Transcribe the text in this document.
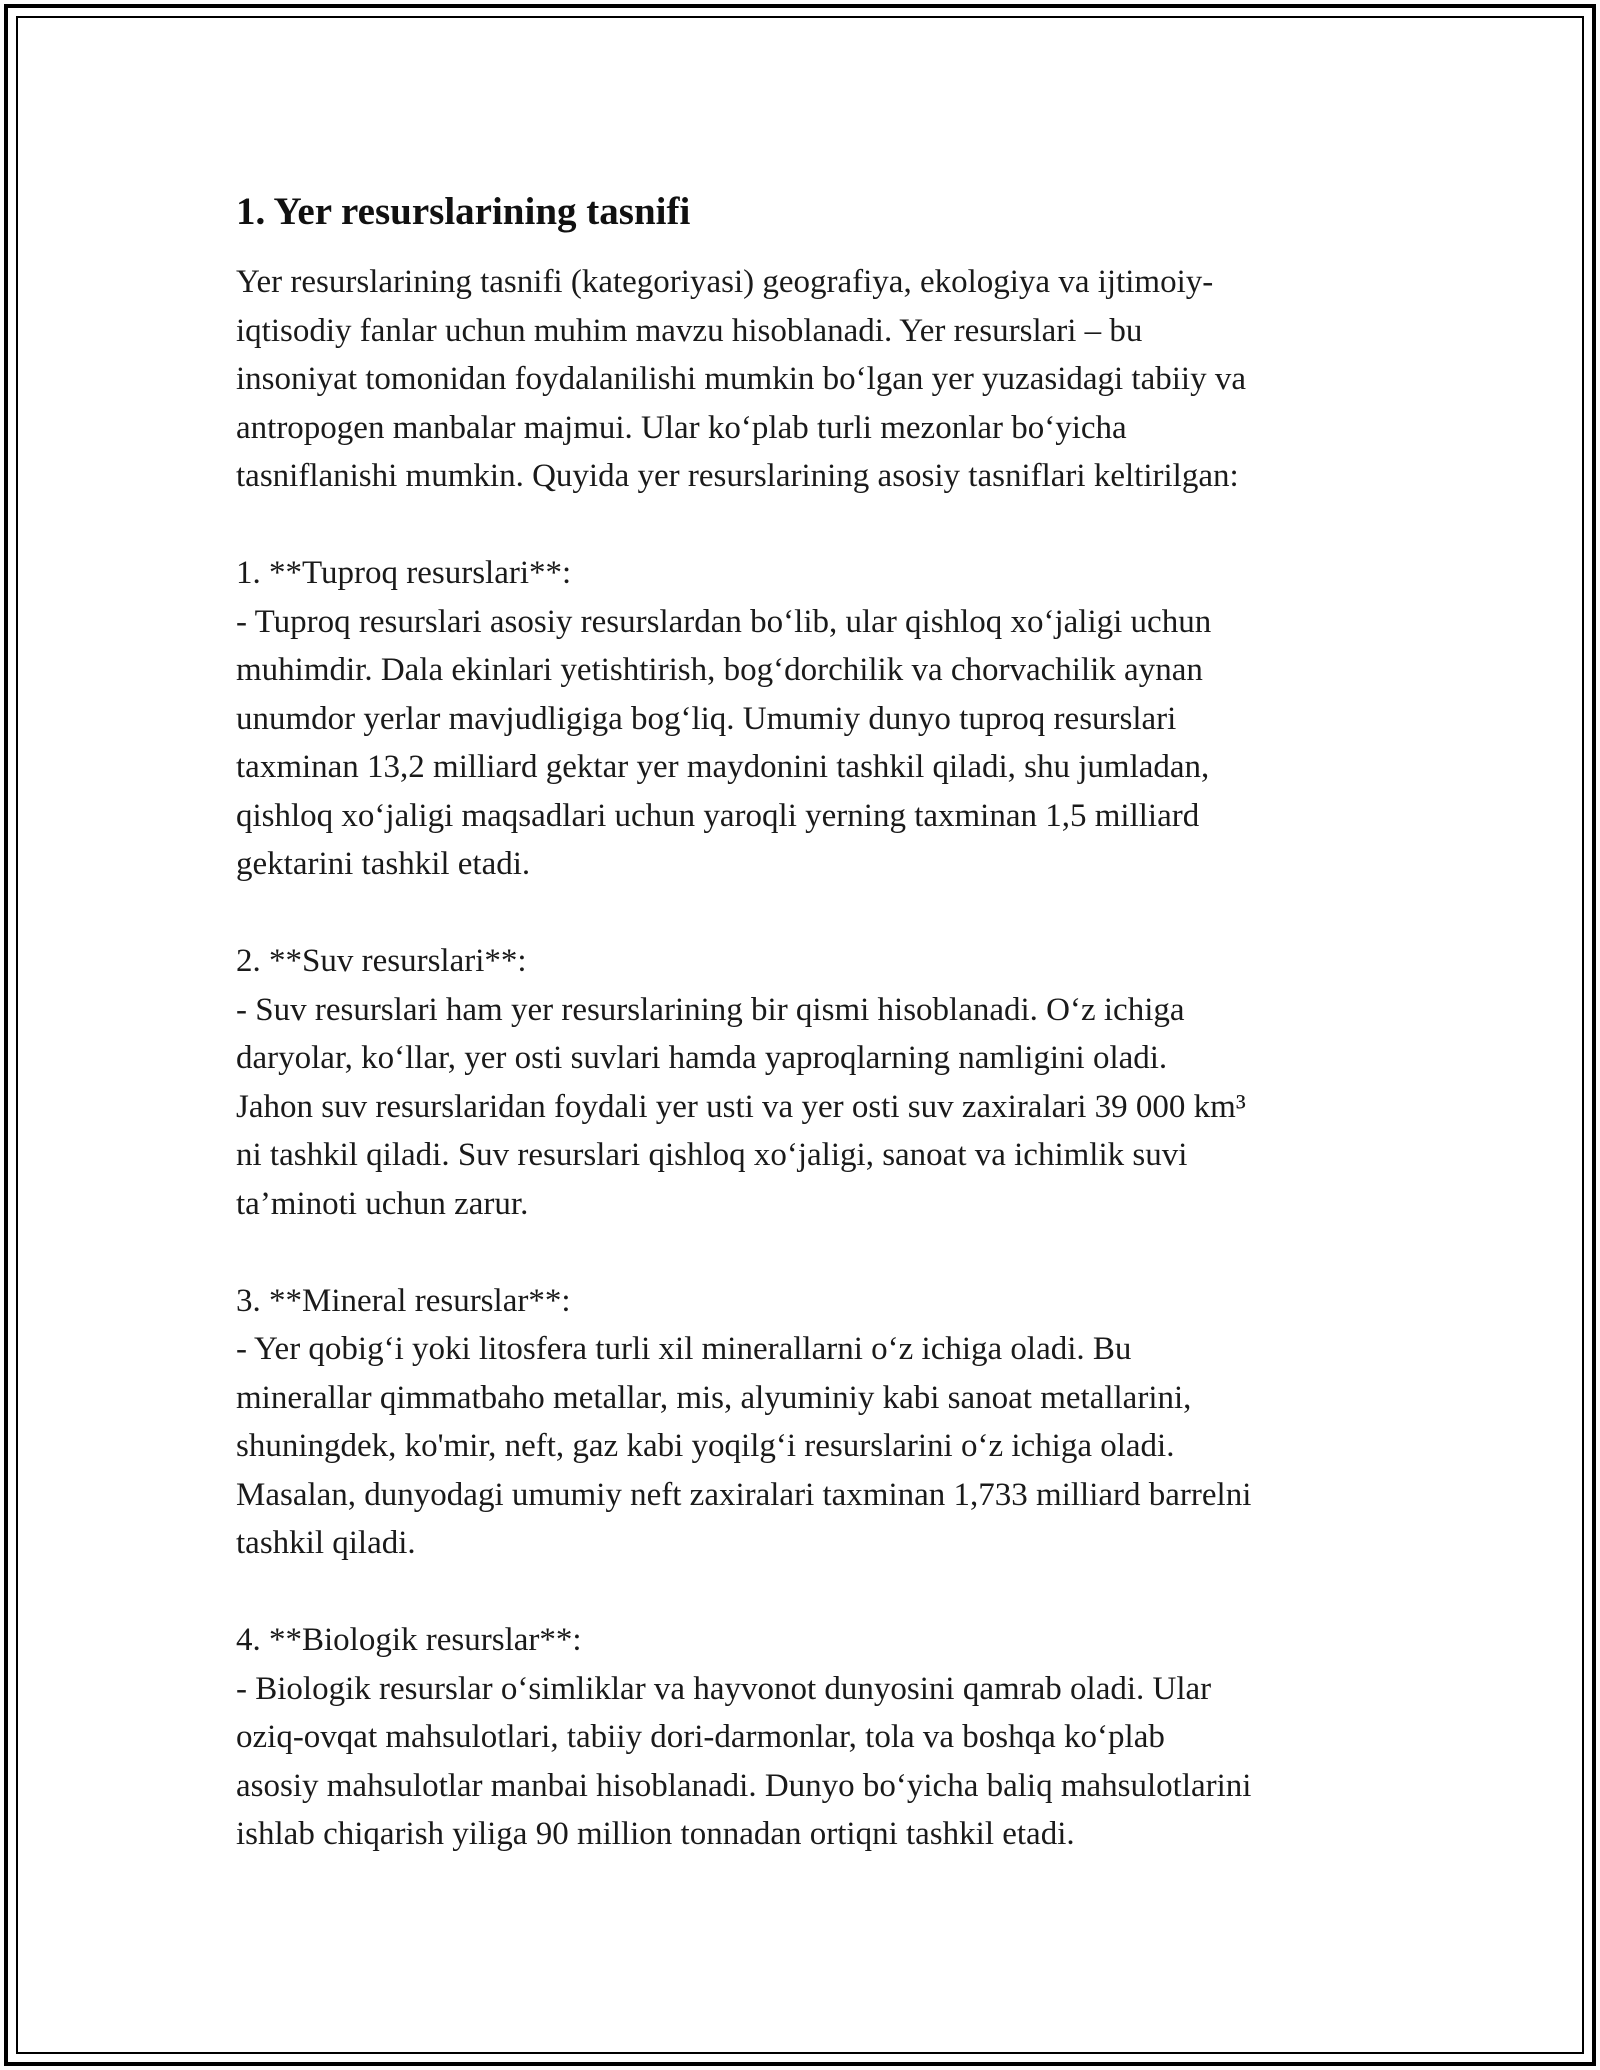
1. Yer resurslarining tasnifi

Yer resurslarining tasnifi (kategoriyasi) geografiya, ekologiya va ijtimoiy-
iqtisodiy fanlar uchun muhim mavzu hisoblanadi. Yer resurslari – bu
insoniyat tomonidan foydalanilishi mumkin bo‘lgan yer yuzasidagi tabiiy va
antropogen manbalar majmui. Ular ko‘plab turli mezonlar bo‘yicha
tasniflanishi mumkin. Quyida yer resurslarining asosiy tasniflari keltirilgan:

1. **Tuproq resurslari**:

- Tuproq resurslari asosiy resurslardan bo‘lib, ular qishloq xo‘jaligi uchun
muhimdir. Dala ekinlari yetishtirish, bog‘dorchilik va chorvachilik aynan
unumdor yerlar mavjudligiga bog‘liq. Umumiy dunyo tuproq resurslari
taxminan 13,2 milliard gektar yer maydonini tashkil qiladi, shu jumladan,
qishloq xo‘jaligi maqsadlari uchun yaroqli yerning taxminan 1,5 milliard
gektarini tashkil etadi.

2. **Suv resurslari**:

- Suv resurslari ham yer resurslarining bir qismi hisoblanadi. O‘z ichiga
daryolar, ko‘llar, yer osti suvlari hamda yaproqlarning namligini oladi.
Jahon suv resurslaridan foydali yer usti va yer osti suv zaxiralari 39 000 km³
ni tashkil qiladi. Suv resurslari qishloq xo‘jaligi, sanoat va ichimlik suvi
ta’minoti uchun zarur.

3. **Mineral resurslar**:

- Yer qobig‘i yoki litosfera turli xil minerallarni o‘z ichiga oladi. Bu
minerallar qimmatbaho metallar, mis, alyuminiy kabi sanoat metallarini,
shuningdek, ko'mir, neft, gaz kabi yoqilg‘i resurslarini o‘z ichiga oladi.
Masalan, dunyodagi umumiy neft zaxiralari taxminan 1,733 milliard barrelni
tashkil qiladi.

4. **Biologik resurslar**:

- Biologik resurslar o‘simliklar va hayvonot dunyosini qamrab oladi. Ular
oziq-ovqat mahsulotlari, tabiiy dori-darmonlar, tola va boshqa ko‘plab
asosiy mahsulotlar manbai hisoblanadi. Dunyo bo‘yicha baliq mahsulotlarini
ishlab chiqarish yiliga 90 million tonnadan ortiqni tashkil etadi.
